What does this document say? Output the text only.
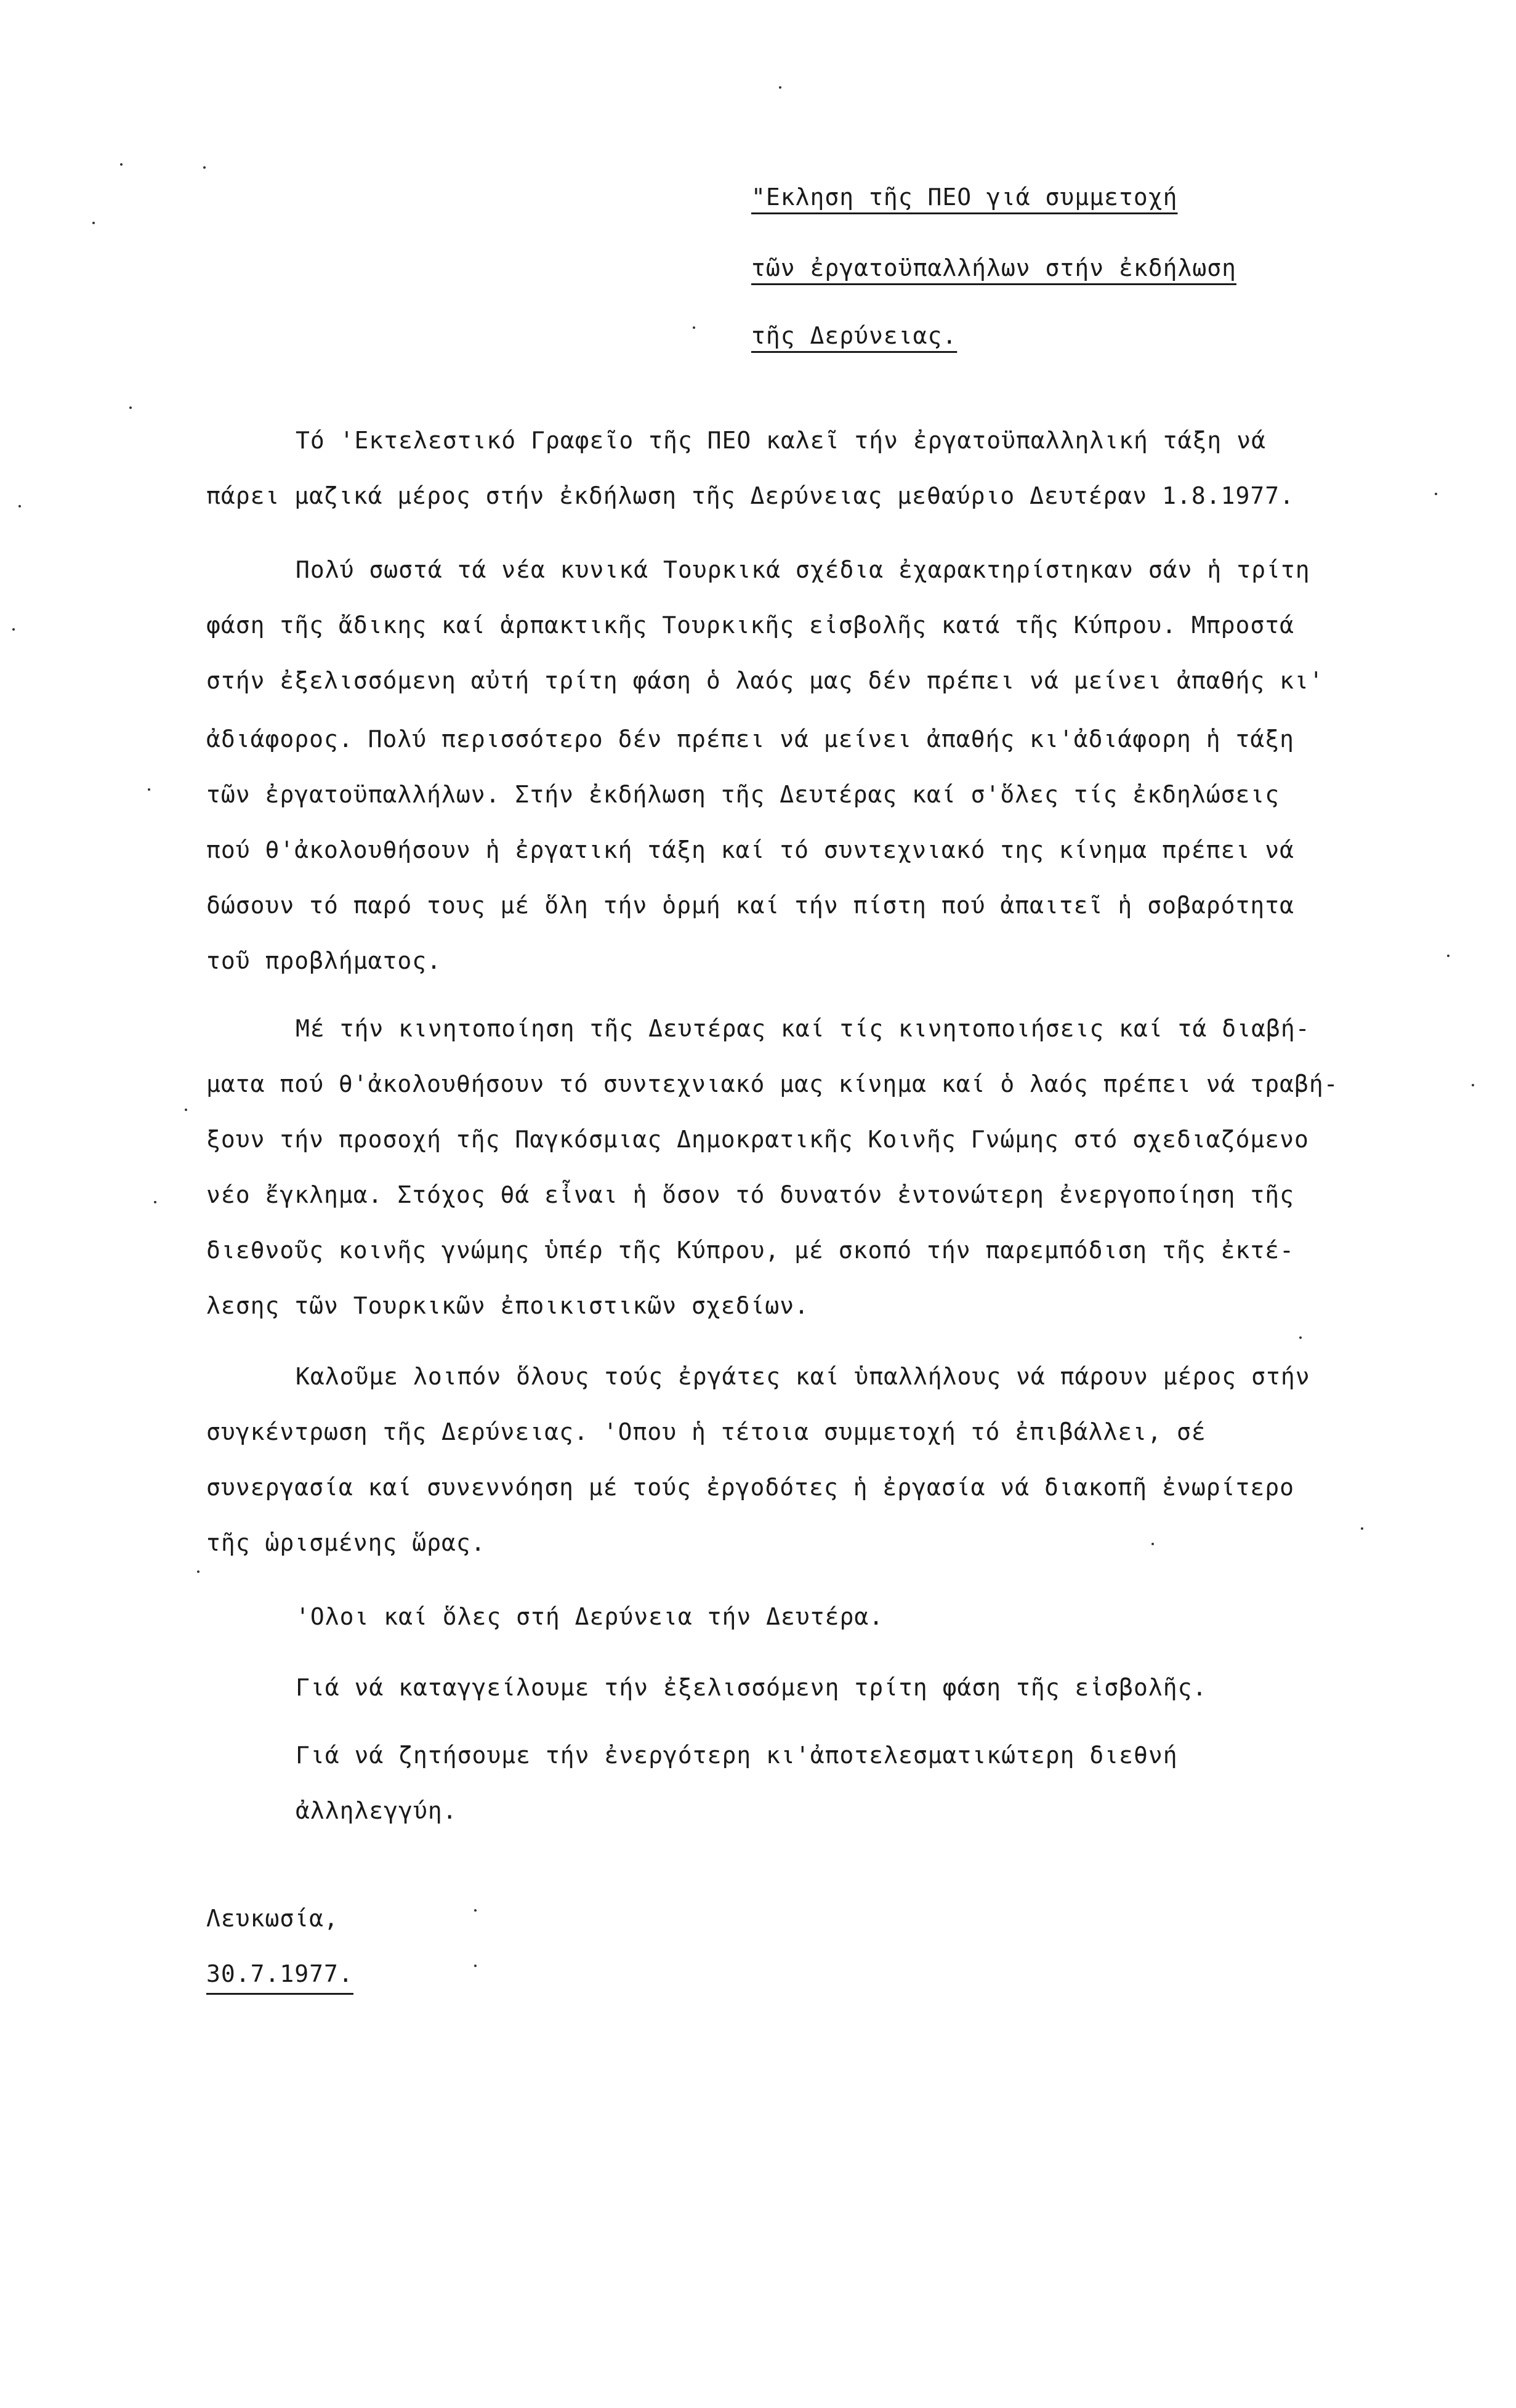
"Εκληση τῆς ΠΕΟ γιά συμμετοχή
τῶν ἐργατοϋπαλλήλων στήν ἐκδήλωση
τῆς Δερύνειας.
Τό 'Εκτελεστικό Γραφεῖο τῆς ΠΕΟ καλεῖ τήν ἐργατοϋπαλληλική τάξη νά
πάρει μαζικά μέρος στήν ἐκδήλωση τῆς Δερύνειας μεθαύριο Δευτέραν 1.8.1977.
Πολύ σωστά τά νέα κυνικά Τουρκικά σχέδια ἐχαρακτηρίστηκαν σάν ἡ τρίτη
φάση τῆς ἄδικης καί ἁρπακτικῆς Τουρκικῆς εἰσβολῆς κατά τῆς Κύπρου. Μπροστά
στήν ἐξελισσόμενη αὐτή τρίτη φάση ὁ λαός μας δέν πρέπει νά μείνει ἀπαθής κι'
ἀδιάφορος. Πολύ περισσότερο δέν πρέπει νά μείνει ἀπαθής κι'ἀδιάφορη ἡ τάξη
τῶν ἐργατοϋπαλλήλων. Στήν ἐκδήλωση τῆς Δευτέρας καί σ'ὅλες τίς ἐκδηλώσεις
πού θ'ἀκολουθήσουν ἡ ἐργατική τάξη καί τό συντεχνιακό της κίνημα πρέπει νά
δώσουν τό παρό τους μέ ὅλη τήν ὁρμή καί τήν πίστη πού ἀπαιτεῖ ἡ σοβαρότητα
τοῦ προβλήματος.
Μέ τήν κινητοποίηση τῆς Δευτέρας καί τίς κινητοποιήσεις καί τά διαβή-
ματα πού θ'ἀκολουθήσουν τό συντεχνιακό μας κίνημα καί ὁ λαός πρέπει νά τραβή-
ξουν τήν προσοχή τῆς Παγκόσμιας Δημοκρατικῆς Κοινῆς Γνώμης στό σχεδιαζόμενο
νέο ἔγκλημα. Στόχος θά εἶναι ἡ ὅσον τό δυνατόν ἐντονώτερη ἐνεργοποίηση τῆς
διεθνοῦς κοινῆς γνώμης ὑπέρ τῆς Κύπρου, μέ σκοπό τήν παρεμπόδιση τῆς ἐκτέ-
λεσης τῶν Τουρκικῶν ἐποικιστικῶν σχεδίων.
Καλοῦμε λοιπόν ὅλους τούς ἐργάτες καί ὑπαλλήλους νά πάρουν μέρος στήν
συγκέντρωση τῆς Δερύνειας. 'Οπου ἡ τέτοια συμμετοχή τό ἐπιβάλλει, σέ
συνεργασία καί συνεννόηση μέ τούς ἐργοδότες ἡ ἐργασία νά διακοπῆ ἐνωρίτερο
τῆς ὡρισμένης ὥρας.
'Ολοι καί ὅλες στή Δερύνεια τήν Δευτέρα.
Γιά νά καταγγείλουμε τήν ἐξελισσόμενη τρίτη φάση τῆς εἰσβολῆς.
Γιά νά ζητήσουμε τήν ἐνεργότερη κι'ἀποτελεσματικώτερη διεθνή
ἀλληλεγγύη.
Λευκωσία,
30.7.1977.
